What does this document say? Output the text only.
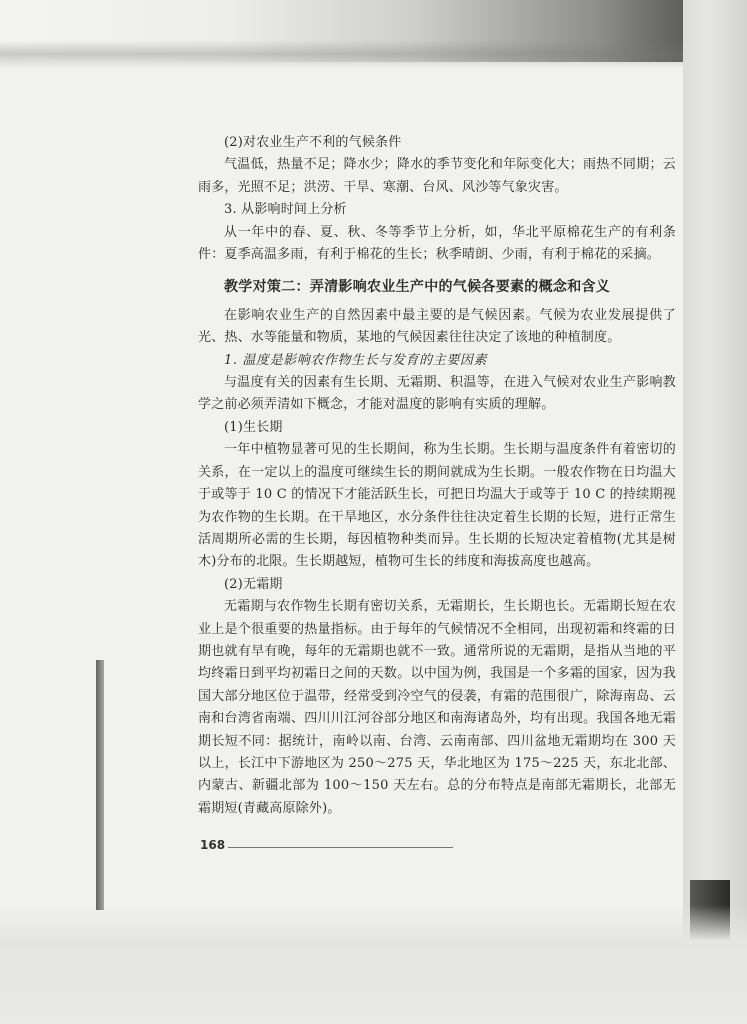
(2)对农业生产不利的气候条件

气温低，热量不足；降水少；降水的季节变化和年际变化大；雨热不同期；云雨多，光照不足；洪涝、干旱、寒潮、台风、风沙等气象灾害。

3. 从影响时间上分析

从一年中的春、夏、秋、冬等季节上分析，如，华北平原棉花生产的有利条件：夏季高温多雨，有利于棉花的生长；秋季晴朗、少雨，有利于棉花的采摘。

教学对策二：弄清影响农业生产中的气候各要素的概念和含义

在影响农业生产的自然因素中最主要的是气候因素。气候为农业发展提供了光、热、水等能量和物质，某地的气候因素往往决定了该地的种植制度。

1. 温度是影响农作物生长与发育的主要因素

与温度有关的因素有生长期、无霜期、积温等，在进入气候对农业生产影响教学之前必须弄清如下概念，才能对温度的影响有实质的理解。

(1)生长期

一年中植物显著可见的生长期间，称为生长期。生长期与温度条件有着密切的关系，在一定以上的温度可继续生长的期间就成为生长期。一般农作物在日均温大于或等于 10 C 的情况下才能活跃生长，可把日均温大于或等于 10 C 的持续期视为农作物的生长期。在干旱地区，水分条件往往决定着生长期的长短，进行正常生活周期所必需的生长期，每因植物种类而异。生长期的长短决定着植物(尤其是树木)分布的北限。生长期越短，植物可生长的纬度和海拔高度也越高。

(2)无霜期

无霜期与农作物生长期有密切关系，无霜期长，生长期也长。无霜期长短在农业上是个很重要的热量指标。由于每年的气候情况不全相同，出现初霜和终霜的日期也就有早有晚，每年的无霜期也就不一致。通常所说的无霜期，是指从当地的平均终霜日到平均初霜日之间的天数。以中国为例，我国是一个多霜的国家，因为我国大部分地区位于温带，经常受到冷空气的侵袭，有霜的范围很广，除海南岛、云南和台湾省南端、四川川江河谷部分地区和南海诸岛外，均有出现。我国各地无霜期长短不同：据统计，南岭以南、台湾、云南南部、四川盆地无霜期均在 300 天以上，长江中下游地区为 250～275 天，华北地区为 175～225 天，东北北部、内蒙古、新疆北部为 100～150 天左右。总的分布特点是南部无霜期长，北部无霜期短(青藏高原除外)。

168
